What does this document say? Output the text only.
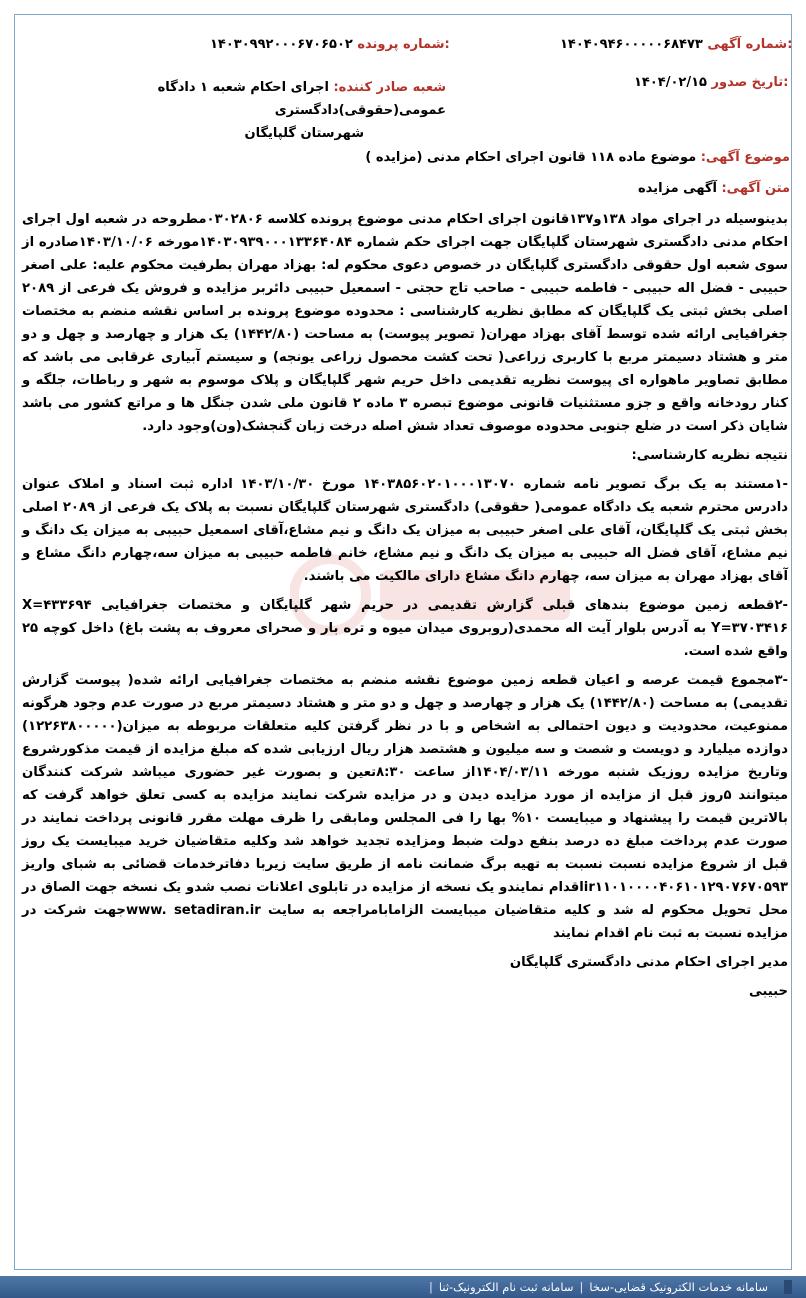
۱۴۰۴۰۹۴۶۰۰۰۰۰۶۸۴۷۳ شماره آگهی:
۱۴۰۳۰۹۹۲۰۰۰۶۷۰۶۵۰۲ شماره پرونده:
۱۴۰۴/۰۲/۱۵ تاریخ صدور:
شعبه صادر کننده: اجرای احکام شعبه ۱ دادگاه عمومی(حقوقی)دادگستری
شهرستان گلپایگان
موضوع آگهی: موضوع ماده ۱۱۸ قانون اجرای احکام مدنی (مزایده )
متن آگهی: آگهی مزایده

بدینوسیله در اجرای مواد ۱۳۸و۱۳۷قانون اجرای احکام مدنی موضوع پرونده کلاسه ۰۳۰۲۸۰۶مطروحه در شعبه اول اجرای احکام مدنی دادگستری شهرستان گلپایگان جهت اجرای حکم شماره ۱۴۰۳۰۹۳۹۰۰۰۱۳۳۶۴۰۸۴مورخه ۱۴۰۳/۱۰/۰۶صادره از سوی شعبه اول حقوقی دادگستری گلپایگان در خصوص دعوی محکوم له: بهزاد مهران بطرفیت محکوم علیه: علی اصغر حبیبی - فضل اله حبیبی - فاطمه حبیبی - صاحب تاج حجتی - اسمعیل حبیبی دائربر مزایده و فروش یک فرعی از ۲۰۸۹ اصلی بخش ثبتی یک گلپایگان که مطابق نظریه کارشناسی : محدوده موضوع پرونده بر اساس نقشه منضم به مختصات جغرافیایی ارائه شده توسط آقای بهزاد مهران( تصویر پیوست) به مساحت (۱۴۴۲/۸۰) یک هزار و چهارصد و چهل و دو متر و هشتاد دسیمتر مربع با کاربری زراعی( تحت کشت محصول زراعی یونجه) و سیستم آبیاری غرقابی می باشد که مطابق تصاویر ماهواره ای پیوست نظریه تقدیمی داخل حریم شهر گلپایگان و پلاک موسوم به شهر و رباطات، جلگه و کنار رودخانه واقع و جزو مستثنیات قانونی موضوع تبصره ۳ ماده ۲ قانون ملی شدن جنگل ها و مراتع کشور می باشد شایان ذکر است در ضلع جنوبی محدوده موصوف تعداد شش اصله درخت زبان گنجشک(ون)وجود دارد.

نتیجه نظریه کارشناسی:

-۱مستند به یک برگ تصویر نامه شماره ۱۴۰۳۸۵۶۰۲۰۱۰۰۰۱۳۰۷۰ مورخ ۱۴۰۳/۱۰/۳۰ اداره ثبت اسناد و املاک عنوان دادرس محترم شعبه یک دادگاه عمومی( حقوقی) دادگستری شهرستان گلپایگان نسبت به پلاک یک فرعی از ۲۰۸۹ اصلی بخش ثبتی یک گلپایگان، آقای علی اصغر حبیبی به میزان یک دانگ و نیم مشاع،آقای اسمعیل حبیبی به میزان یک دانگ و نیم مشاع، آقای فضل اله حبیبی به میزان یک دانگ و نیم مشاع، خانم فاطمه حبیبی به میزان سه،چهارم دانگ مشاع و آقای بهزاد مهران به میزان سه، چهارم دانگ مشاع دارای مالکیت می باشند.

-۲قطعه زمین موضوع بندهای قبلی گزارش تقدیمی در حریم شهر گلپایگان و مختصات جغرافیایی X=۴۳۳۶۹۴ Y=۳۷۰۳۴۱۶ به آدرس بلوار آیت اله محمدی(روبروی میدان میوه و تره بار و صحرای معروف به پشت باغ) داخل کوچه ۲۵ واقع شده است.

-۳مجموع قیمت عرصه و اعیان قطعه زمین موضوع نقشه منضم به مختصات جغرافیایی ارائه شده( پیوست گزارش تقدیمی) به مساحت (۱۴۴۲/۸۰) یک هزار و چهارصد و چهل و دو متر و هشتاد دسیمتر مربع در صورت عدم وجود هرگونه ممنوعیت، محدودیت و دیون احتمالی به اشخاص و با در نظر گرفتن کلیه متعلقات مربوطه به میزان(۱۲۲۶۳۸۰۰۰۰۰) دوازده میلیارد و دویست و شصت و سه میلیون و هشتصد هزار ریال ارزیابی شده که مبلغ مزایده از قیمت مذکورشروع وتاریخ مزایده روزیک شنبه مورخه ۱۴۰۴/۰۳/۱۱از ساعت ۸:۳۰تعین و بصورت غیر حضوری میباشد شرکت کنندگان میتوانند ۵روز قبل از مزایده از مورد مزایده دیدن و در مزایده شرکت نمایند مزایده به کسی تعلق خواهد گرفت که بالاترین قیمت را پیشنهاد و میبایست ۱۰% بها را فی المجلس ومابقی را ظرف مهلت مقرر قانونی پرداخت نمایند در صورت عدم پرداخت مبلغ ده درصد بنفع دولت ضبط ومزایده تجدید خواهد شد وکلیه متقاضیان خرید میبایست یک روز قبل از شروع مزایده نسبت نسبت به تهیه برگ ضمانت نامه از طریق سایت زیربا دفاترخدمات قضائی به شبای واریز ir۱۱۰۱۰۰۰۰۴۰۶۱۰۱۲۹۰۷۶۷۰۵۹۳اقدام نمایندو یک نسخه از مزایده در تابلوی اعلانات نصب شدو یک نسخه جهت الصاق در محل تحویل محکوم له شد و کلیه متقاضیان میبایست الزامابامراجعه به سایت www. setadiran.irجهت شرکت در مزایده نسبت به ثبت نام اقدام نمایند

مدیر اجرای احکام مدنی دادگستری گلپایگان

حبیبی

سامانه خدمات الکترونیک قضایی-سخا
|
سامانه ثبت نام الکترونیک-ثنا
|
